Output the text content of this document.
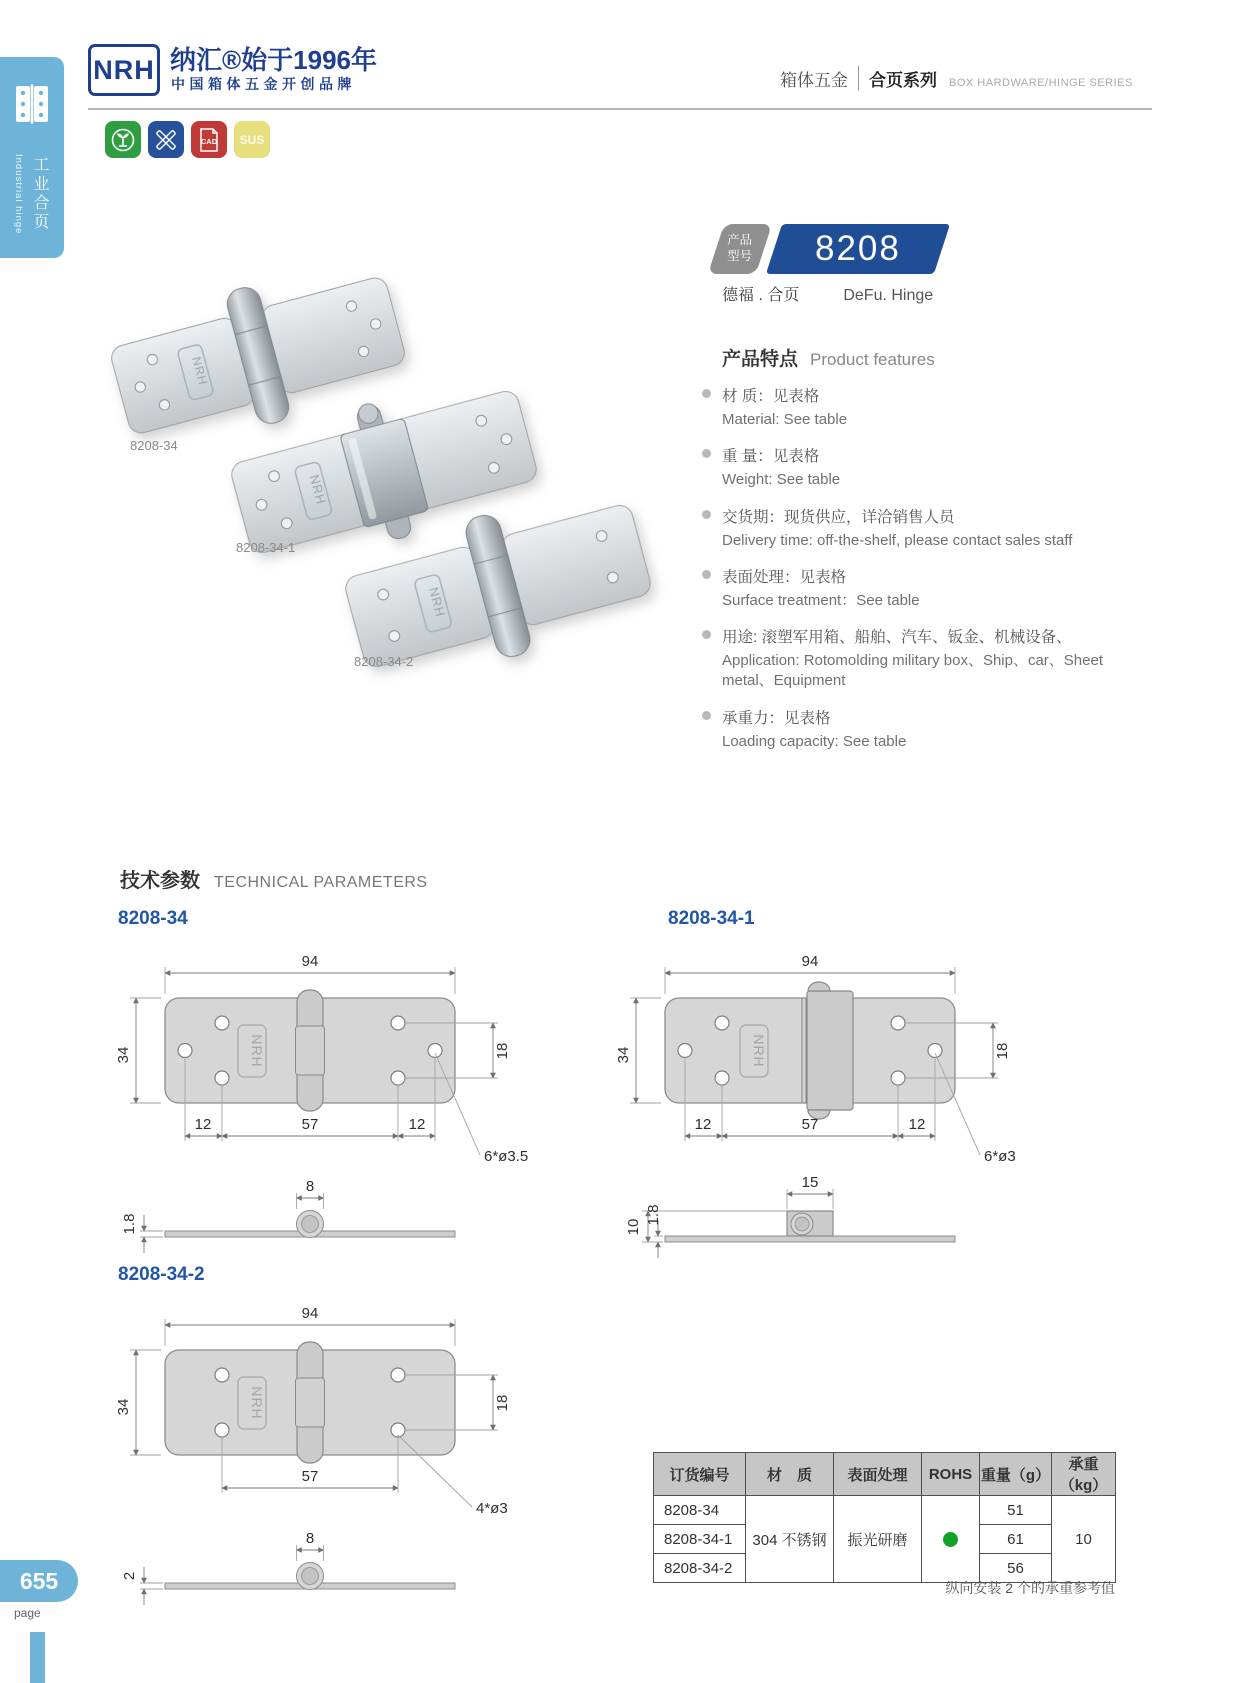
NRH 纳汇®始于1996年
中国箱体五金开创品牌	箱体五金	合页系列 BOX HARDWARE/HINGE SERIES
Industrial hinge 工业合页
CAD SUS
NRH
NRH
NRH
8208-34
8208-34-1
8208-34-2
产品
型号 8208
德福 . 合页	DeFu. Hinge
产品特点 Product features
材 质：见表格
Material: See table
重 量：见表格
Weight: See table
交货期：现货供应，详洽销售人员
Delivery time: off-the-shelf, please contact sales staff
表面处理：见表格
Surface treatment：See table
用途: 滚塑军用箱、船舶、汽车、钣金、机械设备、
Application: Rotomolding military box、Ship、car、Sheet metal、Equipment
承重力：见表格
Loading capacity: See table
技术参数 TECHNICAL PARAMETERS
8208-34
NRH
94
34	18
12	57	12
6*ø3.5
8
1.8
8208-34-1
NRH
94
34	18
12	57	12
6*ø3
15
10
1.8
8208-34-2
NRH
94
34	18
57
4*ø3
8
2
订货编号	材　质	表面处理	ROHS	重量（g）	承重（kg）
8208-34	304 不锈钢	振光研磨		51	10
8208-34-1				61	
8208-34-2				56	
纵向安装 2 个的承重参考值
655
page
